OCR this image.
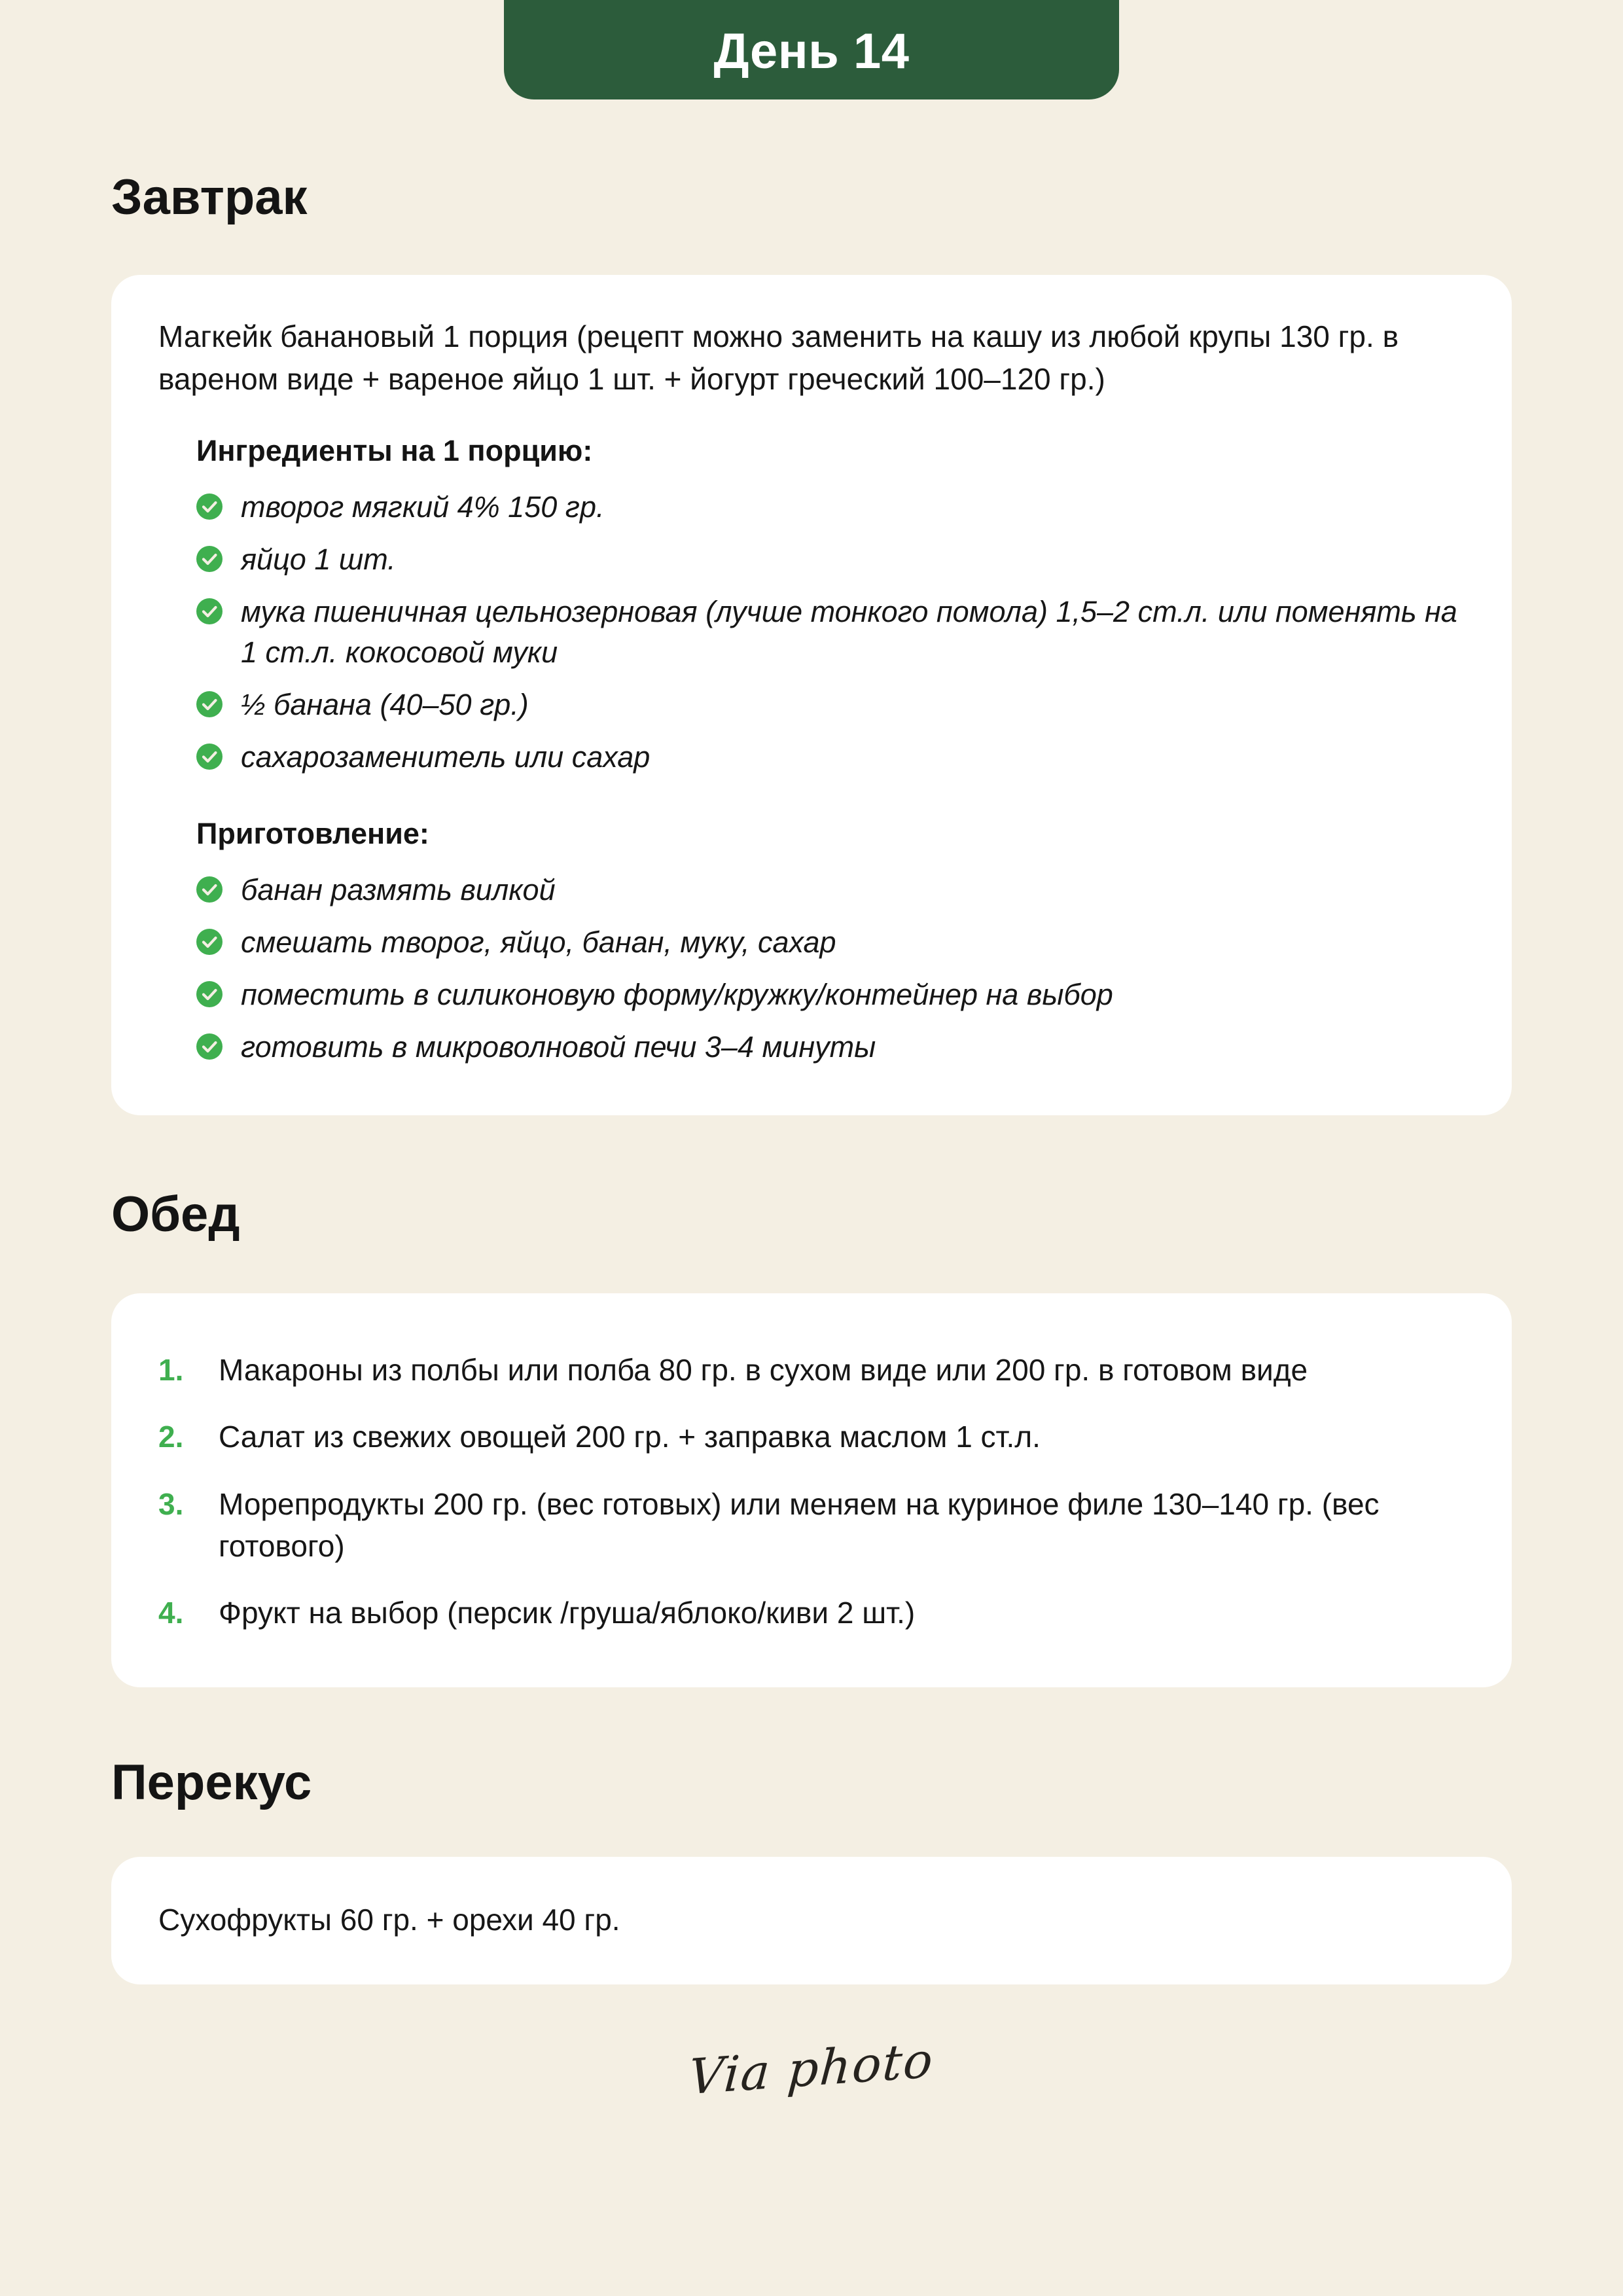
День 14
Завтрак

Магкейк банановый 1 порция (рецепт можно заменить на кашу из любой крупы 130 гр. в вареном виде + вареное яйцо 1 шт. + йогурт греческий 100–120 гр.)

Ингредиенты на 1 порцию:
творог мягкий 4% 150 гр.
яйцо 1 шт.
мука пшеничная цельнозерновая (лучше тонкого помола) 1,5–2 ст.л. или поменять на 1 ст.л. кокосовой муки
½ банана (40–50 гр.)
сахарозаменитель или сахар
Приготовление:
банан размять вилкой
смешать творог, яйцо, банан, муку, сахар
поместить в силиконовую форму/кружку/контейнер на выбор
готовить в микроволновой печи 3–4 минуты
Обед
1.	Макароны из полбы или полба 80 гр. в сухом виде или 200 гр. в готовом виде
2.	Салат из свежих овощей 200 гр. + заправка маслом 1 ст.л.
3.	Морепродукты 200 гр. (вес готовых) или меняем на куриное филе 130–140 гр. (вес готового)
4.	Фрукт на выбор (персик /груша/яблоко/киви 2 шт.)
Перекус

Сухофрукты 60 гр. + орехи 40 гр.

Via photo
